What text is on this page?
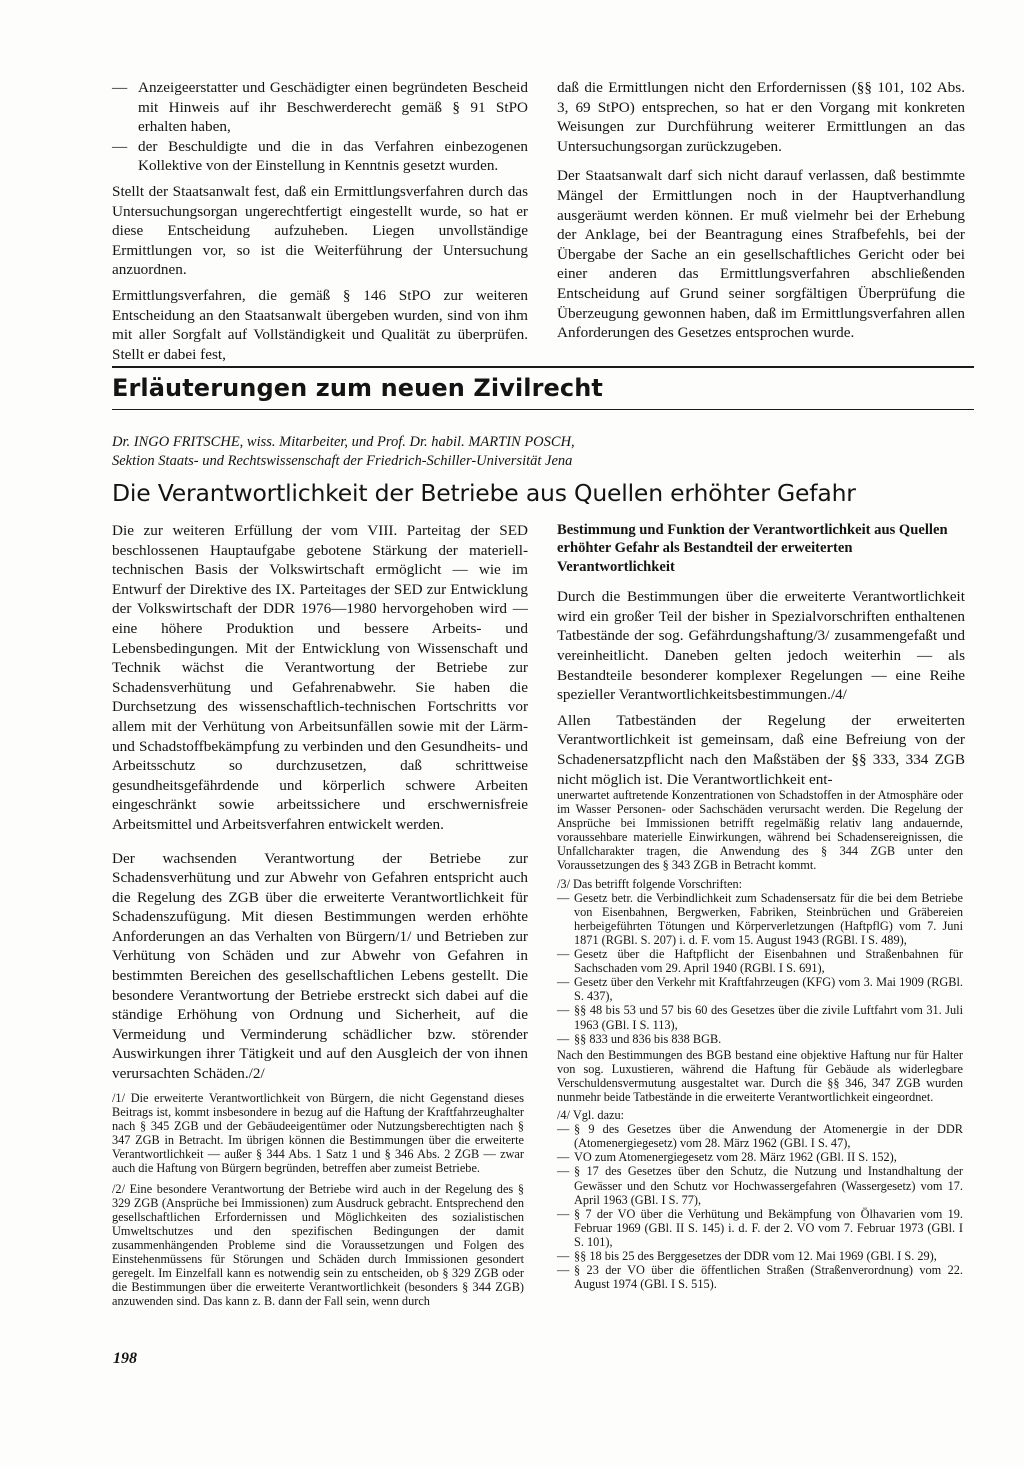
— Anzeigeerstatter und Geschädigter einen begründeten Bescheid mit Hinweis auf ihr Beschwerderecht gemäß § 91 StPO erhalten haben,
— der Beschuldigte und die in das Verfahren einbezogenen Kollektive von der Einstellung in Kenntnis gesetzt wurden.

Stellt der Staatsanwalt fest, daß ein Ermittlungsverfahren durch das Untersuchungsorgan ungerechtfertigt eingestellt wurde, so hat er diese Entscheidung aufzuheben. Liegen unvollständige Ermittlungen vor, so ist die Weiterführung der Untersuchung anzuordnen.

Ermittlungsverfahren, die gemäß § 146 StPO zur weiteren Entscheidung an den Staatsanwalt übergeben wurden, sind von ihm mit aller Sorgfalt auf Vollständigkeit und Qualität zu überprüfen. Stellt er dabei fest,

daß die Ermittlungen nicht den Erfordernissen (§§ 101, 102 Abs. 3, 69 StPO) entsprechen, so hat er den Vorgang mit konkreten Weisungen zur Durchführung weiterer Ermittlungen an das Untersuchungsorgan zurückzugeben.

Der Staatsanwalt darf sich nicht darauf verlassen, daß bestimmte Mängel der Ermittlungen noch in der Hauptverhandlung ausgeräumt werden können. Er muß vielmehr bei der Erhebung der Anklage, bei der Beantragung eines Strafbefehls, bei der Übergabe der Sache an ein gesellschaftliches Gericht oder bei einer anderen das Ermittlungsverfahren abschließenden Entscheidung auf Grund seiner sorgfältigen Überprüfung die Überzeugung gewonnen haben, daß im Ermittlungsverfahren allen Anforderungen des Gesetzes entsprochen wurde.

Erläuterungen zum neuen Zivilrecht
Dr. INGO FRITSCHE, wiss. Mitarbeiter, und Prof. Dr. habil. MARTIN POSCH,
Sektion Staats- und Rechtswissenschaft der Friedrich-Schiller-Universität Jena
Die Verantwortlichkeit der Betriebe aus Quellen erhöhter Gefahr

Die zur weiteren Erfüllung der vom VIII. Parteitag der SED beschlossenen Hauptaufgabe gebotene Stärkung der materiell-technischen Basis der Volkswirtschaft ermöglicht — wie im Entwurf der Direktive des IX. Parteitages der SED zur Entwicklung der Volkswirtschaft der DDR 1976—1980 hervorgehoben wird — eine höhere Produktion und bessere Arbeits- und Lebensbedingungen. Mit der Entwicklung von Wissenschaft und Technik wächst die Verantwortung der Betriebe zur Schadensverhütung und Gefahrenabwehr. Sie haben die Durchsetzung des wissenschaftlich-technischen Fortschritts vor allem mit der Verhütung von Arbeitsunfällen sowie mit der Lärm- und Schadstoffbekämpfung zu verbinden und den Gesundheits- und Arbeitsschutz so durchzusetzen, daß schrittweise gesundheitsgefährdende und körperlich schwere Arbeiten eingeschränkt sowie arbeitssichere und erschwernisfreie Arbeitsmittel und Arbeitsverfahren entwickelt werden.

Der wachsenden Verantwortung der Betriebe zur Schadensverhütung und zur Abwehr von Gefahren entspricht auch die Regelung des ZGB über die erweiterte Verantwortlichkeit für Schadenszufügung. Mit diesen Bestimmungen werden erhöhte Anforderungen an das Verhalten von Bürgern/1/ und Betrieben zur Verhütung von Schäden und zur Abwehr von Gefahren in bestimmten Bereichen des gesellschaftlichen Lebens gestellt. Die besondere Verantwortung der Betriebe erstreckt sich dabei auf die ständige Erhöhung von Ordnung und Sicherheit, auf die Vermeidung und Verminderung schädlicher bzw. störender Auswirkungen ihrer Tätigkeit und auf den Ausgleich der von ihnen verursachten Schäden./2/

/1/ Die erweiterte Verantwortlichkeit von Bürgern, die nicht Gegenstand dieses Beitrags ist, kommt insbesondere in bezug auf die Haftung der Kraftfahrzeughalter nach § 345 ZGB und der Gebäudeeigentümer oder Nutzungsberechtigten nach § 347 ZGB in Betracht. Im übrigen können die Bestimmungen über die erweiterte Verantwortlichkeit — außer § 344 Abs. 1 Satz 1 und § 346 Abs. 2 ZGB — zwar auch die Haftung von Bürgern begründen, betreffen aber zumeist Betriebe.

/2/ Eine besondere Verantwortung der Betriebe wird auch in der Regelung des § 329 ZGB (Ansprüche bei Immissionen) zum Ausdruck gebracht. Entsprechend den gesellschaftlichen Erfordernissen und Möglichkeiten des sozialistischen Umweltschutzes und den spezifischen Bedingungen der damit zusammenhängenden Probleme sind die Voraussetzungen und Folgen des Einstehenmüssens für Störungen und Schäden durch Immissionen gesondert geregelt. Im Einzelfall kann es notwendig sein zu entscheiden, ob § 329 ZGB oder die Bestimmungen über die erweiterte Verantwortlichkeit (besonders § 344 ZGB) anzuwenden sind. Das kann z. B. dann der Fall sein, wenn durch

Bestimmung und Funktion der Verantwortlichkeit aus Quellen erhöhter Gefahr als Bestandteil der erweiterten Verantwortlichkeit

Durch die Bestimmungen über die erweiterte Verantwortlichkeit wird ein großer Teil der bisher in Spezialvorschriften enthaltenen Tatbestände der sog. Gefährdungshaftung/3/ zusammengefaßt und vereinheitlicht. Daneben gelten jedoch weiterhin — als Bestandteile besonderer komplexer Regelungen — eine Reihe spezieller Verantwortlichkeitsbestimmungen./4/

Allen Tatbeständen der Regelung der erweiterten Verantwortlichkeit ist gemeinsam, daß eine Befreiung von der Schadenersatzpflicht nach den Maßstäben der §§ 333, 334 ZGB nicht möglich ist. Die Verantwortlichkeit ent-

unerwartet auftretende Konzentrationen von Schadstoffen in der Atmosphäre oder im Wasser Personen- oder Sachschäden verursacht werden. Die Regelung der Ansprüche bei Immissionen betrifft regelmäßig relativ lang andauernde, voraussehbare materielle Einwirkungen, während bei Schadensereignissen, die Unfallcharakter tragen, die Anwendung des § 344 ZGB unter den Voraussetzungen des § 343 ZGB in Betracht kommt.

/3/ Das betrifft folgende Vorschriften:

— Gesetz betr. die Verbindlichkeit zum Schadensersatz für die bei dem Betriebe von Eisenbahnen, Bergwerken, Fabriken, Steinbrüchen und Gräbereien herbeigeführten Tötungen und Körperverletzungen (HaftpflG) vom 7. Juni 1871 (RGBl. S. 207) i. d. F. vom 15. August 1943 (RGBl. I S. 489),
— Gesetz über die Haftpflicht der Eisenbahnen und Straßenbahnen für Sachschaden vom 29. April 1940 (RGBl. I S. 691),
— Gesetz über den Verkehr mit Kraftfahrzeugen (KFG) vom 3. Mai 1909 (RGBl. S. 437),
— §§ 48 bis 53 und 57 bis 60 des Gesetzes über die zivile Luftfahrt vom 31. Juli 1963 (GBl. I S. 113),
— §§ 833 und 836 bis 838 BGB.

Nach den Bestimmungen des BGB bestand eine objektive Haftung nur für Halter von sog. Luxustieren, während die Haftung für Gebäude als widerlegbare Verschuldensvermutung ausgestaltet war. Durch die §§ 346, 347 ZGB wurden nunmehr beide Tatbestände in die erweiterte Verantwortlichkeit eingeordnet.

/4/ Vgl. dazu:

— § 9 des Gesetzes über die Anwendung der Atomenergie in der DDR (Atomenergiegesetz) vom 28. März 1962 (GBl. I S. 47),
— VO zum Atomenergiegesetz vom 28. März 1962 (GBl. II S. 152),
— § 17 des Gesetzes über den Schutz, die Nutzung und Instandhaltung der Gewässer und den Schutz vor Hochwassergefahren (Wassergesetz) vom 17. April 1963 (GBl. I S. 77),
— § 7 der VO über die Verhütung und Bekämpfung von Ölhavarien vom 19. Februar 1969 (GBl. II S. 145) i. d. F. der 2. VO vom 7. Februar 1973 (GBl. I S. 101),
— §§ 18 bis 25 des Berggesetzes der DDR vom 12. Mai 1969 (GBl. I S. 29),
— § 23 der VO über die öffentlichen Straßen (Straßenverordnung) vom 22. August 1974 (GBl. I S. 515).
198
